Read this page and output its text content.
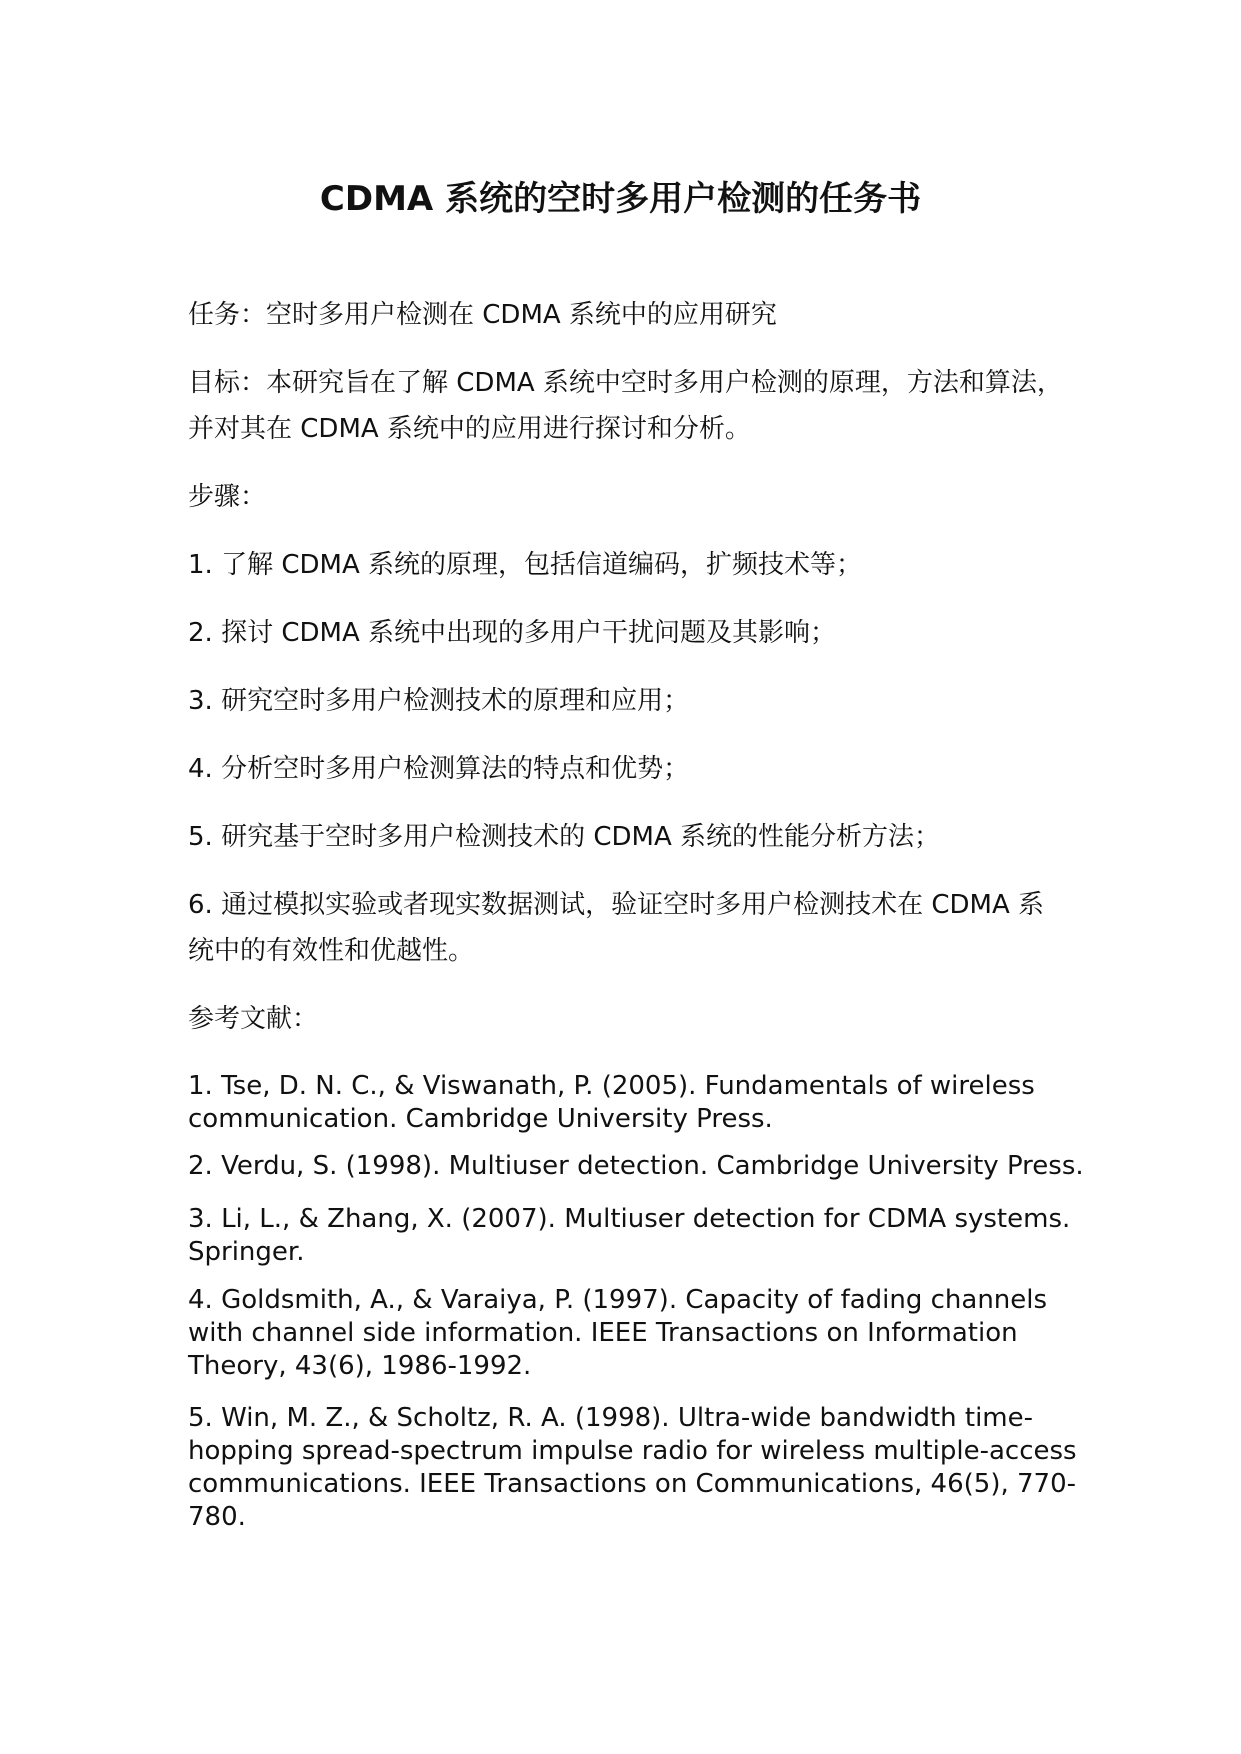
CDMA 系统的空时多用户检测的任务书
任务：空时多用户检测在 CDMA 系统中的应用研究
目标：本研究旨在了解 CDMA 系统中空时多用户检测的原理，方法和算法，并对其在 CDMA 系统中的应用进行探讨和分析。
步骤：
1. 了解 CDMA 系统的原理，包括信道编码，扩频技术等；
2. 探讨 CDMA 系统中出现的多用户干扰问题及其影响；
3. 研究空时多用户检测技术的原理和应用；
4. 分析空时多用户检测算法的特点和优势；
5. 研究基于空时多用户检测技术的 CDMA 系统的性能分析方法；
6. 通过模拟实验或者现实数据测试，验证空时多用户检测技术在 CDMA 系统中的有效性和优越性。
参考文献：
1. Tse, D. N. C., & Viswanath, P. (2005). Fundamentals of wireless communication. Cambridge University Press.
2. Verdu, S. (1998). Multiuser detection. Cambridge University Press.
3. Li, L., & Zhang, X. (2007). Multiuser detection for CDMA systems. Springer.
4. Goldsmith, A., & Varaiya, P. (1997). Capacity of fading channels with channel side information. IEEE Transactions on Information Theory, 43(6), 1986-1992.
5. Win, M. Z., & Scholtz, R. A. (1998). Ultra-wide bandwidth time-hopping spread-spectrum impulse radio for wireless multiple-access communications. IEEE Transactions on Communications, 46(5), 770-780.
